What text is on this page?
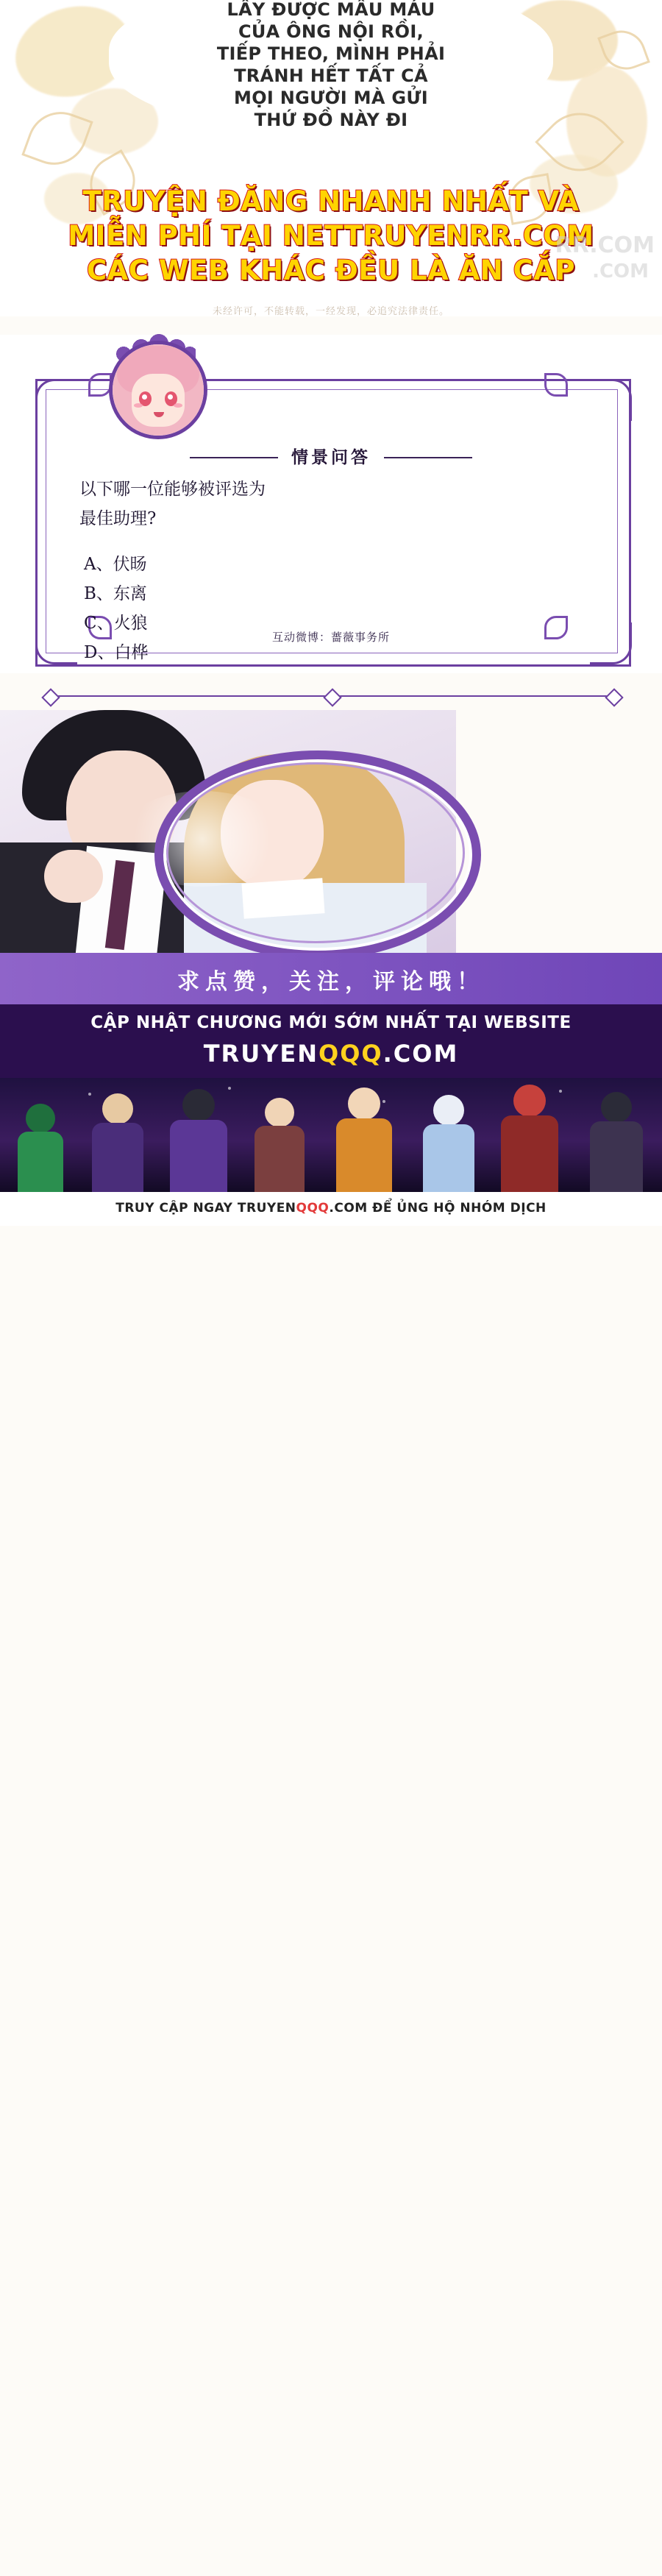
LẤY ĐƯỢC MẪU MÁU
CỦA ÔNG NỘI RỒI,
TIẾP THEO, MÌNH PHẢI
TRÁNH HẾT TẤT CẢ
MỌI NGƯỜI MÀ GỬI
THỨ ĐỒ NÀY ĐI
TRUYỆN ĐĂNG NHANH NHẤT VÀ
MIỄN PHÍ TẠI NETTRUYENRR.COM
CÁC WEB KHÁC ĐỀU LÀ ĂN CẮP
RR.COM
.COM
未经许可，不能转载，一经发现，必追究法律责任。
情景问答
以下哪一位能够被评选为
最佳助理?
A、伏旸
B、东离
C、火狼
D、白桦
互动微博：薔薇事务所
求点赞，关注，评论哦！
CẬP NHẬT CHƯƠNG MỚI SỚM NHẤT TẠI WEBSITE
TRUYENQQQ.COM
TRUY CẬP NGAY TRUYENQQQ.COM ĐỂ ỦNG HỘ NHÓM DỊCH
